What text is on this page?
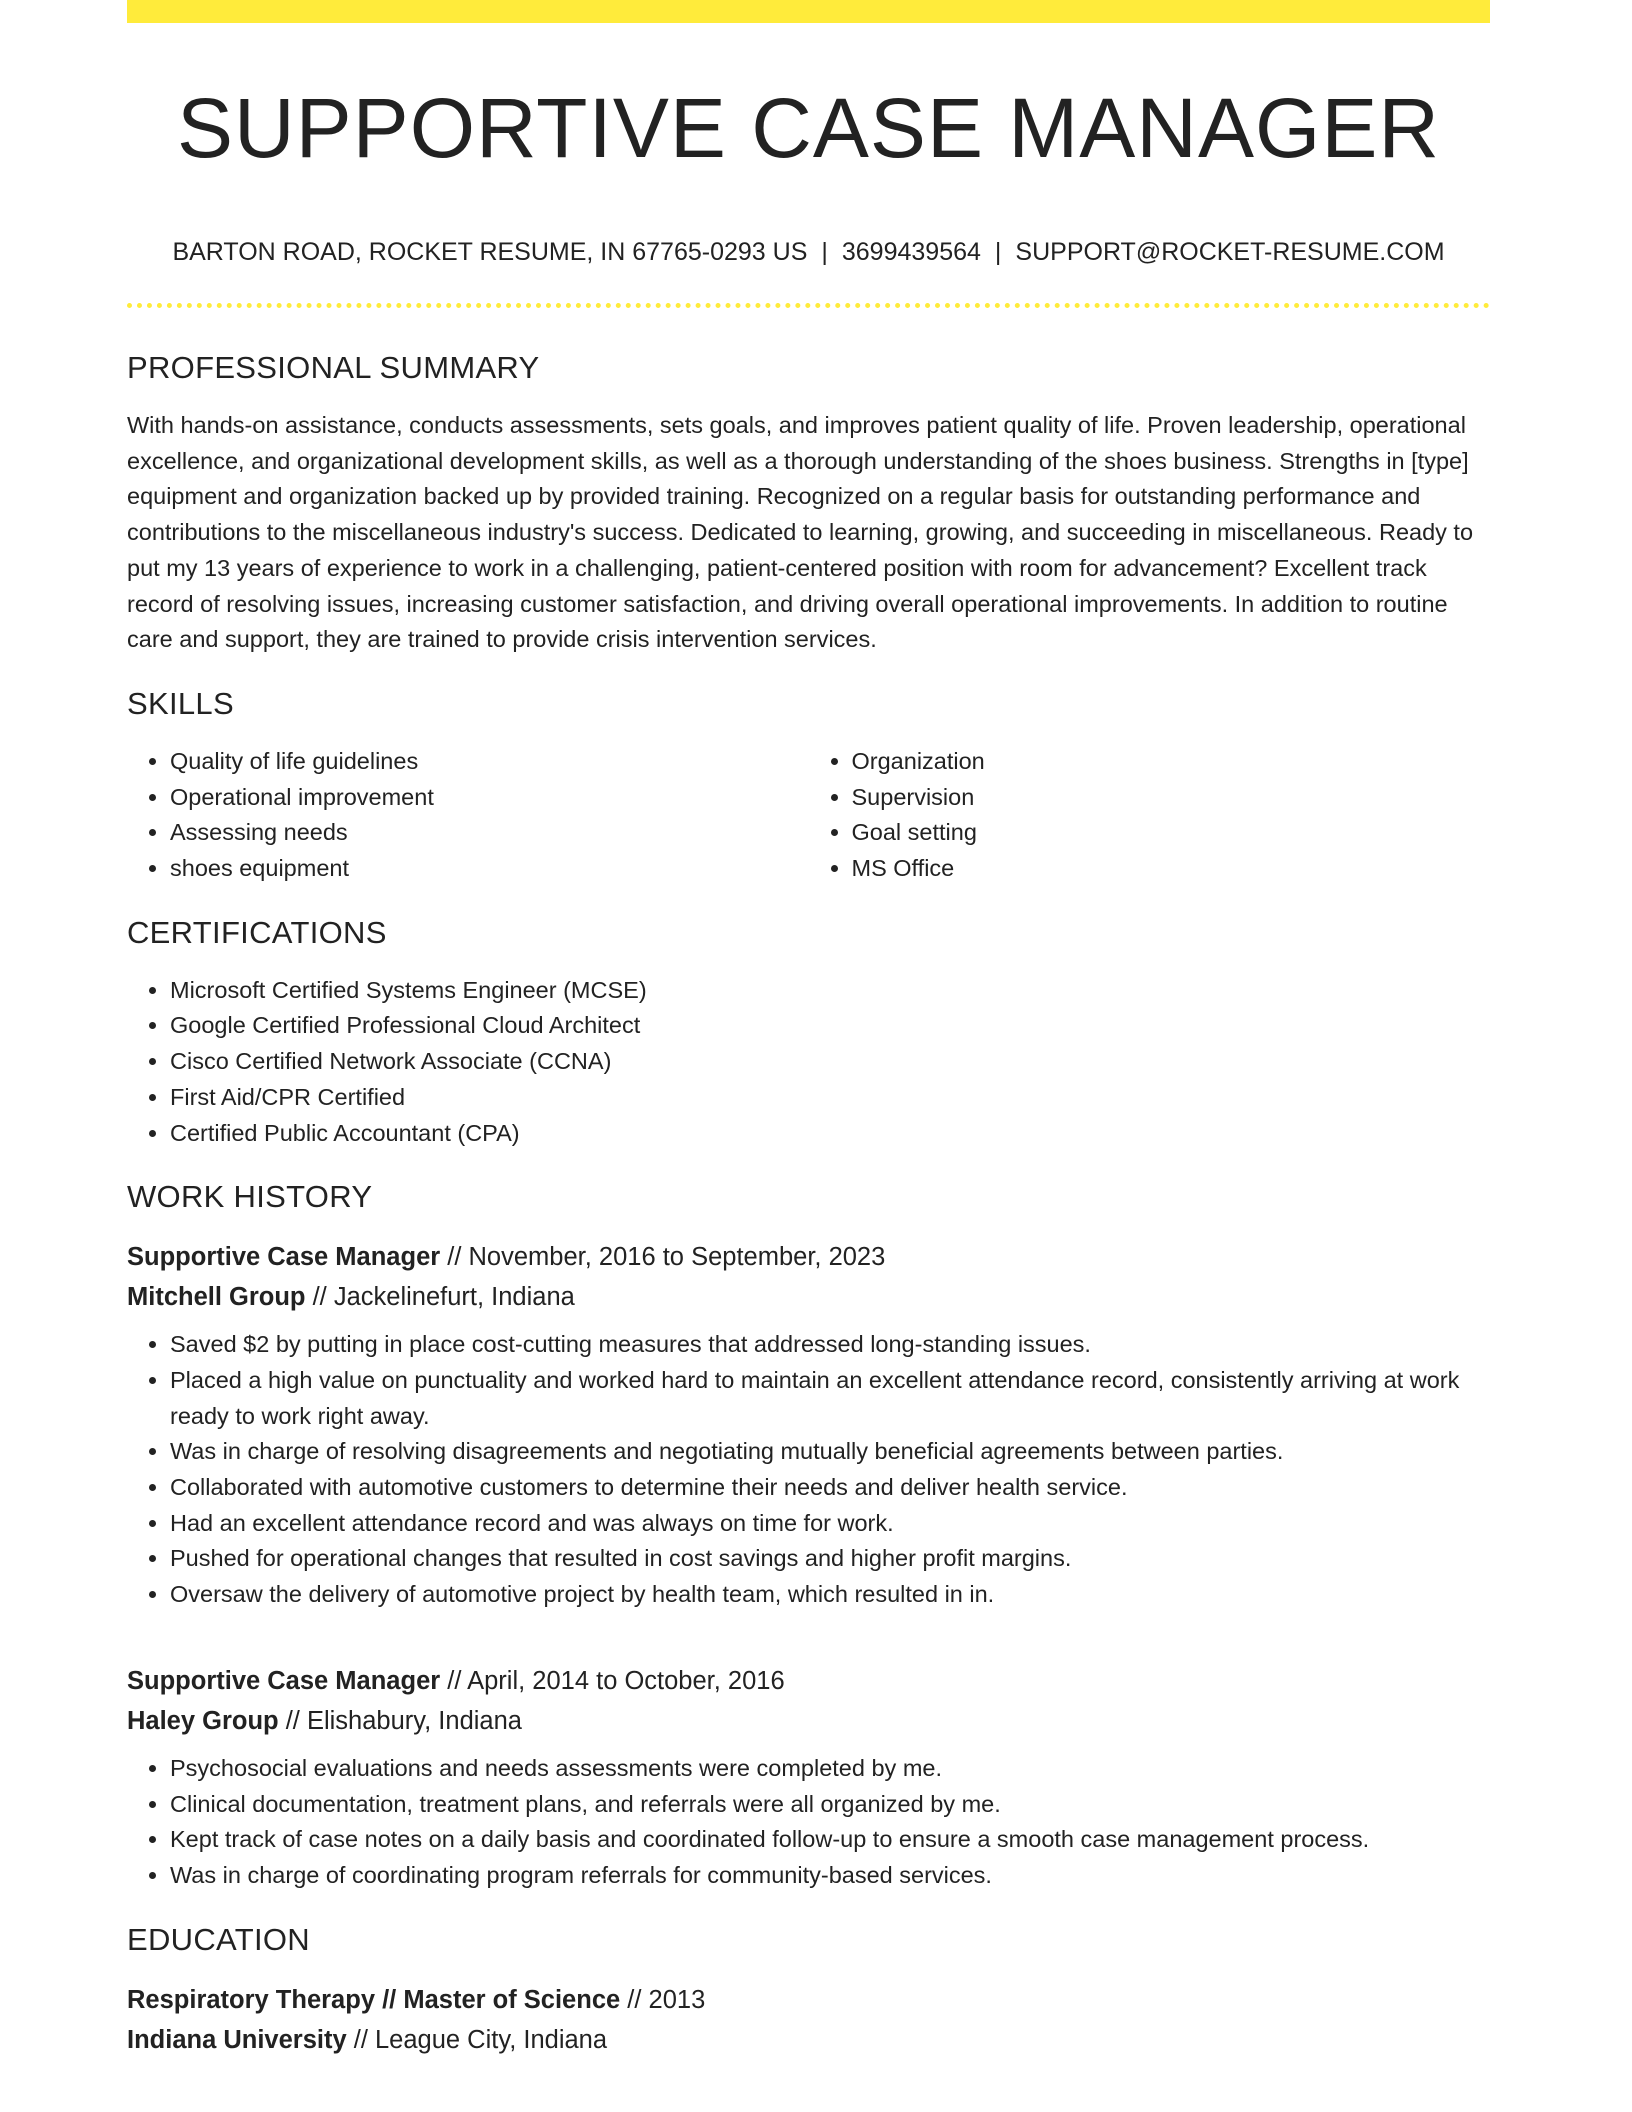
SUPPORTIVE CASE MANAGER
BARTON ROAD, ROCKET RESUME, IN 67765-0293 US | 3699439564 | SUPPORT@ROCKET-RESUME.COM
PROFESSIONAL SUMMARY

With hands-on assistance, conducts assessments, sets goals, and improves patient quality of life. Proven leadership, operational excellence, and organizational development skills, as well as a thorough understanding of the shoes business. Strengths in [type] equipment and organization backed up by provided training. Recognized on a regular basis for outstanding performance and contributions to the miscellaneous industry's success. Dedicated to learning, growing, and succeeding in miscellaneous. Ready to put my 13 years of experience to work in a challenging, patient-centered position with room for advancement? Excellent track record of resolving issues, increasing customer satisfaction, and driving overall operational improvements. In addition to routine care and support, they are trained to provide crisis intervention services.

SKILLS
• Quality of life guidelines
• Operational improvement
• Assessing needs
• shoes equipment
• Organization
• Supervision
• Goal setting
• MS Office
CERTIFICATIONS
• Microsoft Certified Systems Engineer (MCSE)
• Google Certified Professional Cloud Architect
• Cisco Certified Network Associate (CCNA)
• First Aid/CPR Certified
• Certified Public Accountant (CPA)
WORK HISTORY
Supportive Case Manager // November, 2016 to September, 2023
Mitchell Group // Jackelinefurt, Indiana
• Saved $2 by putting in place cost-cutting measures that addressed long-standing issues.
• Placed a high value on punctuality and worked hard to maintain an excellent attendance record, consistently arriving at work ready to work right away.
• Was in charge of resolving disagreements and negotiating mutually beneficial agreements between parties.
• Collaborated with automotive customers to determine their needs and deliver health service.
• Had an excellent attendance record and was always on time for work.
• Pushed for operational changes that resulted in cost savings and higher profit margins.
• Oversaw the delivery of automotive project by health team, which resulted in in.
Supportive Case Manager // April, 2014 to October, 2016
Haley Group // Elishabury, Indiana
• Psychosocial evaluations and needs assessments were completed by me.
• Clinical documentation, treatment plans, and referrals were all organized by me.
• Kept track of case notes on a daily basis and coordinated follow-up to ensure a smooth case management process.
• Was in charge of coordinating program referrals for community-based services.
EDUCATION
Respiratory Therapy // Master of Science // 2013
Indiana University // League City, Indiana
